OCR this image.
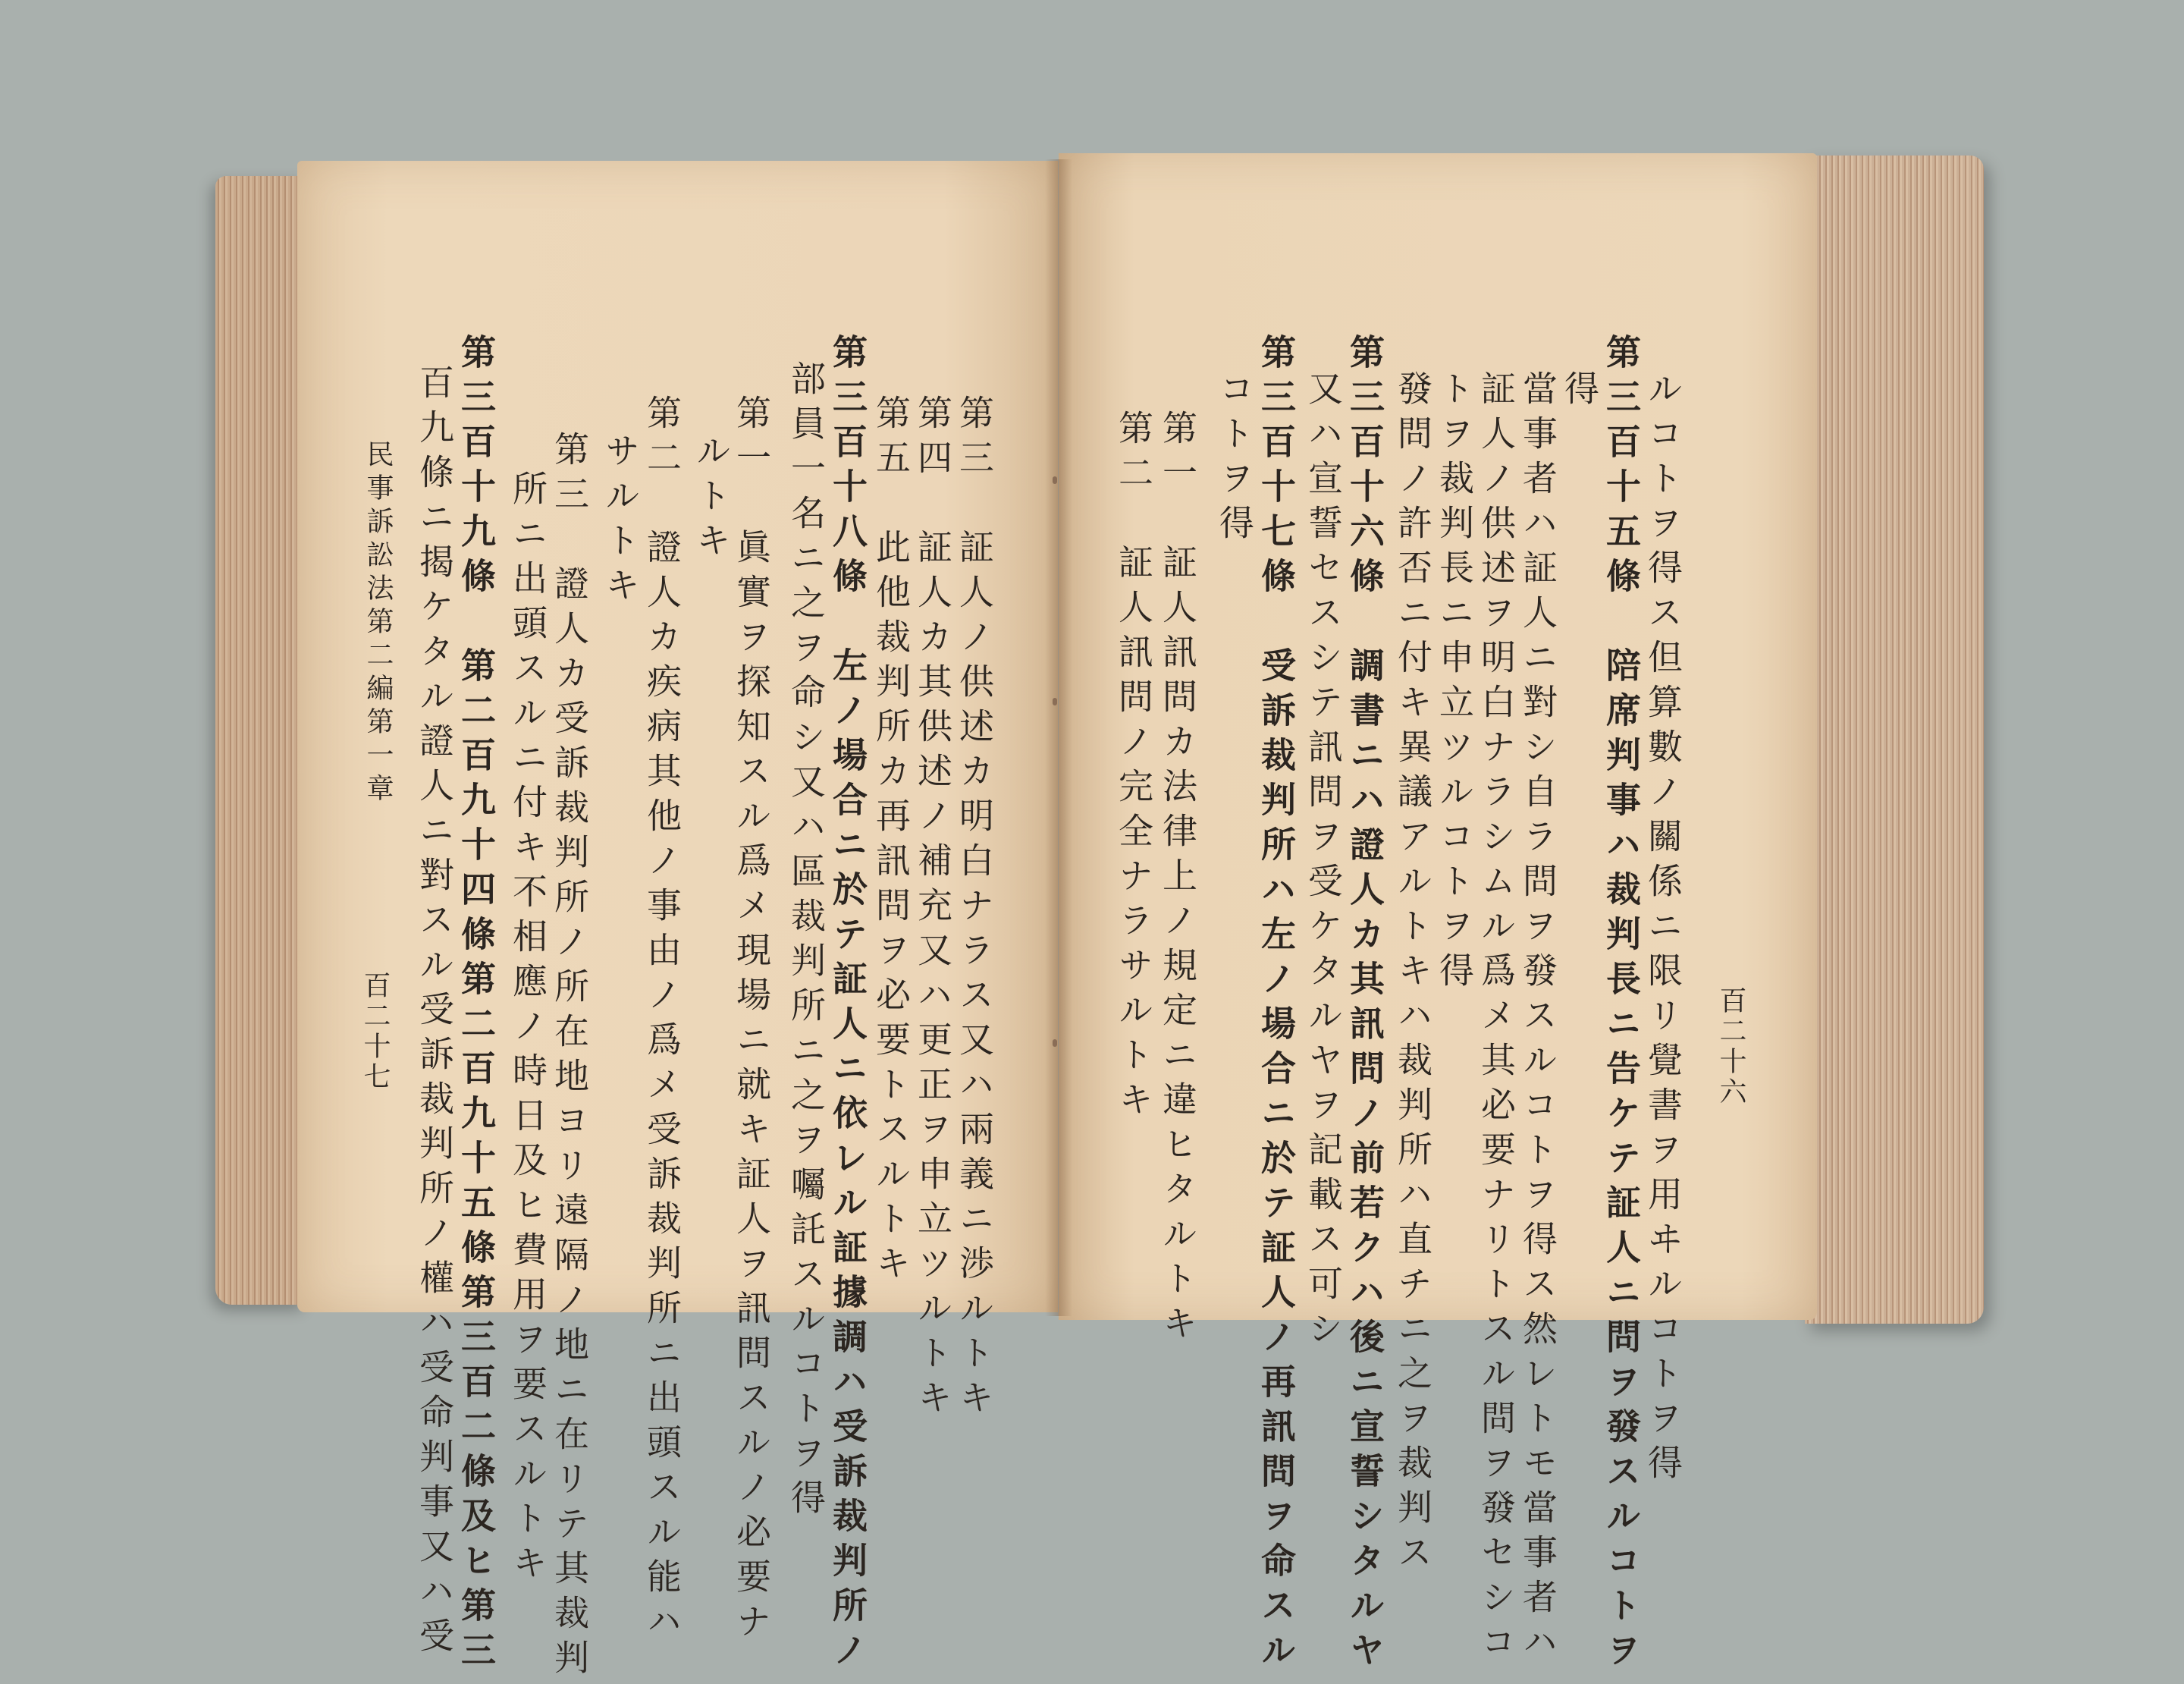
百二十六
ルコトヲ得ス但算數ノ關係ニ限リ覺書ヲ用ヰルコトヲ得
第三百十五條　陪席判事ハ裁判長ニ告ケテ証人ニ問ヲ發スルコトヲ
得
當事者ハ証人ニ對シ自ラ問ヲ發スルコトヲ得ス然レトモ當事者ハ
証人ノ供述ヲ明白ナラシムル爲メ其必要ナリトスル問ヲ發セシコ
トヲ裁判長ニ申立ツルコトヲ得
發問ノ許否ニ付キ異議アルトキハ裁判所ハ直チニ之ヲ裁判ス
第三百十六條　調書ニハ證人カ其訊問ノ前若クハ後ニ宣誓シタルヤ
又ハ宣誓セスシテ訊問ヲ受ケタルヤヲ記載ス可シ
第三百十七條　受訴裁判所ハ左ノ場合ニ於テ証人ノ再訊問ヲ命スル
コトヲ得
第一　証人訊問カ法律上ノ規定ニ違ヒタルトキ
第二　証人訊問ノ完全ナラサルトキ
第三　証人ノ供述カ明白ナラス又ハ兩義ニ渉ルトキ
第四　証人カ其供述ノ補充又ハ更正ヲ申立ツルトキ
第五　此他裁判所カ再訊問ヲ必要トスルトキ
第三百十八條　左ノ場合ニ於テ証人ニ依レル証據調ハ受訴裁判所ノ
部員一名ニ之ヲ命シ又ハ區裁判所ニ之ヲ囑託スルコトヲ得
第一　眞實ヲ探知スル爲メ現場ニ就キ証人ヲ訊問スルノ必要ナ
ルトキ
第二　證人カ疾病其他ノ事由ノ爲メ受訴裁判所ニ出頭スル能ハ
サルトキ
第三　證人カ受訴裁判所ノ所在地ヨリ遠隔ノ地ニ在リテ其裁判
所ニ出頭スルニ付キ不相應ノ時日及ヒ費用ヲ要スルトキ
第三百十九條　第二百九十四條第二百九十五條第三百二條及ヒ第三
百九條ニ揭ケタル證人ニ對スル受訴裁判所ノ權ハ受命判事又ハ受
民事訴訟法第二編第一章
百二十七
